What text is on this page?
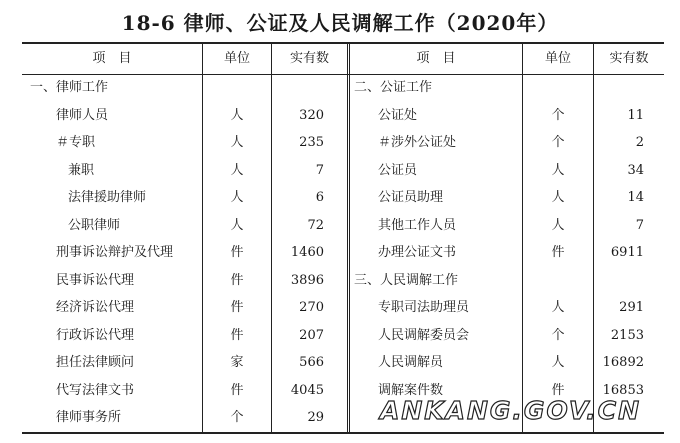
18-6 律师、公证及人民调解工作（2020年）
项　目	单位	实有数	项　目	单位	实有数
一、律师工作
律师人员	人	320
＃专职	人	235
兼职	人	7
法律援助律师	人	6
公职律师	人	72
刑事诉讼辩护及代理	件	1460
民事诉讼代理	件	3896
经济诉讼代理	件	270
行政诉讼代理	件	207
担任法律顾问	家	566
代写法律文书	件	4045
律师事务所	个	29
二、公证工作
公证处	个	11
＃涉外公证处	个	2
公证员	人	34
公证员助理	人	14
其他工作人员	人	7
办理公证文书	件	6911
三、人民调解工作
专职司法助理员	人	291
人民调解委员会	个	2153
人民调解员	人	16892
调解案件数	件	16853
ANKANG.GOV.CN
